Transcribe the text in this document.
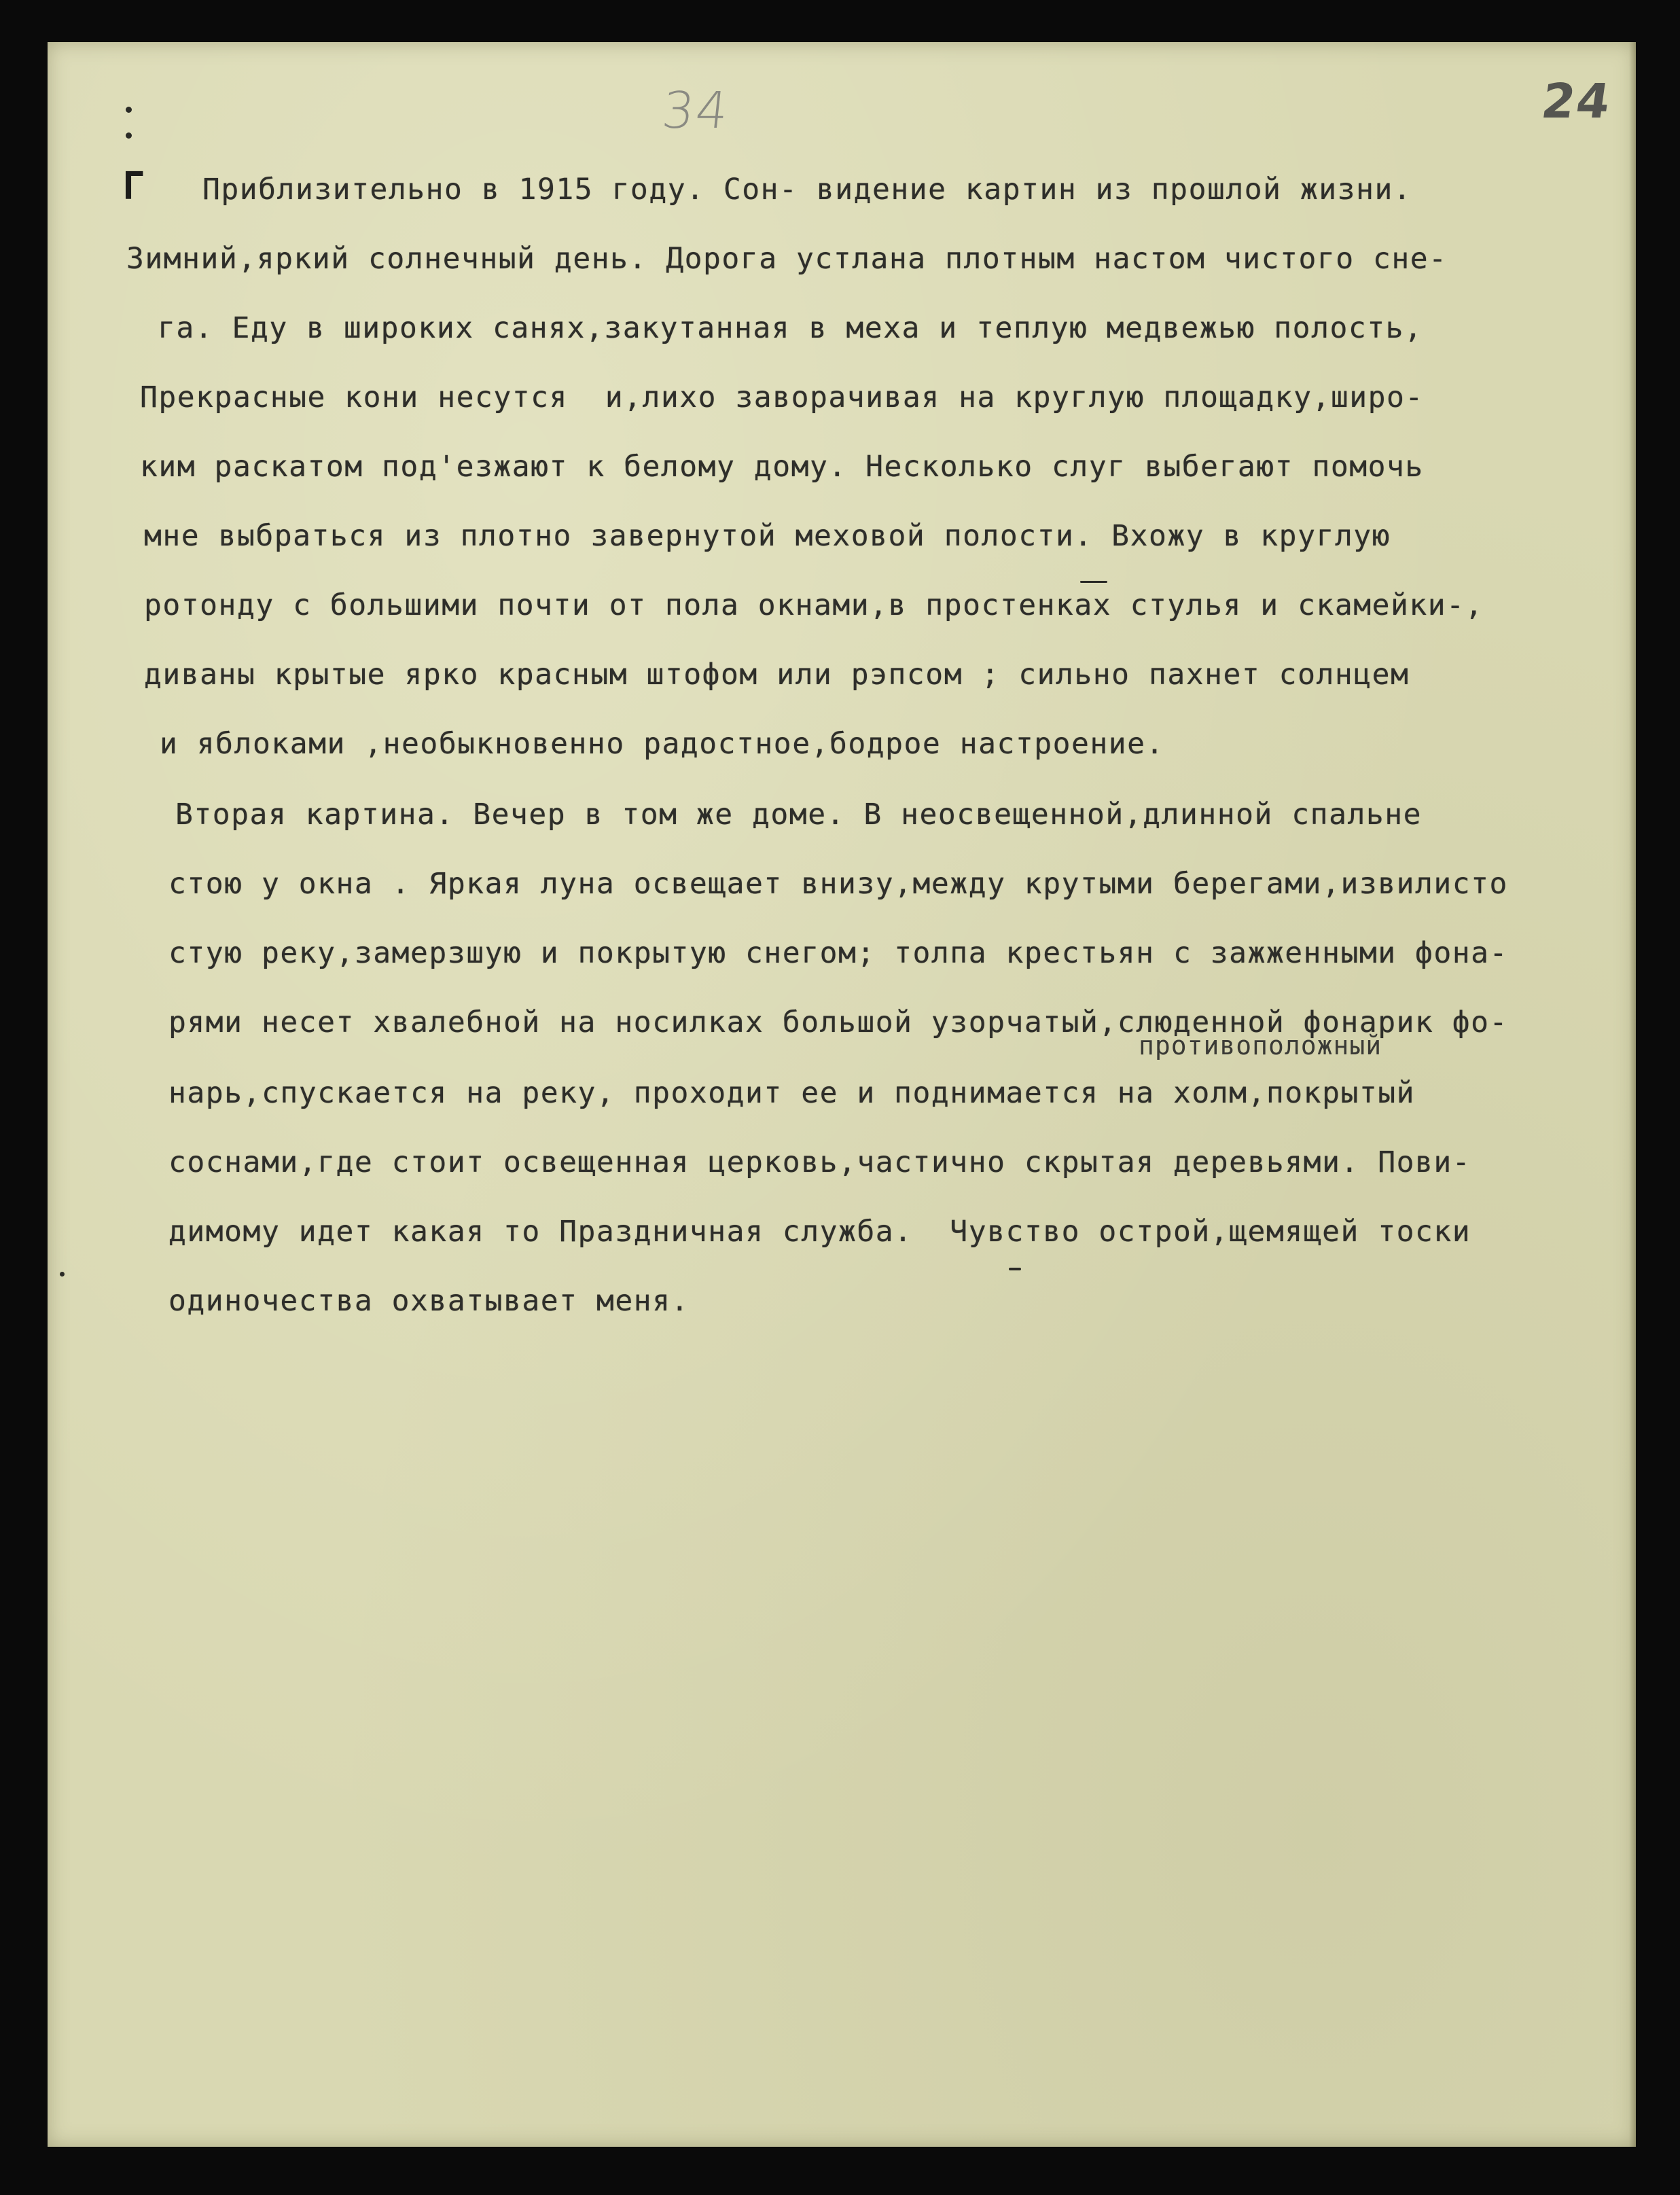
34	24
Г Приблизительно в 1915 году. Сон- видение картин из прошлой жизни.
Зимний,яркий солнечный день. Дорога устлана плотным настом чистого сне-
га. Еду в широких санях,закутанная в меха и теплую медвежью полость,
Прекрасные кони несутся  и,лихо заворачивая на круглую площадку,широ-
ким раскатом под'езжают к белому дому. Несколько слуг выбегают помочь
мне выбраться из плотно завернутой меховой полости. Вхожу в круглую
ротонду с большими почти от пола окнами,в простенках стулья и скамейки-,
диваны крытые ярко красным штофом или рэпсом ; сильно пахнет солнцем
и яблоками ,необыкновенно радостное,бодрое настроение.
Вторая картина. Вечер в том же доме. В неосвещенной,длинной спальне
стою у окна . Яркая луна освещает внизу,между крутыми берегами,извилисто
стую реку,замерзшую и покрытую снегом; толпа крестьян с зажженными фона-
рями несет хвалебной на носилках большой узорчатый,слюденной фонарик фо-
противоположный
нарь,спускается на реку, проходит ее и поднимается на холм,покрытый
соснами,где стоит освещенная церковь,частично скрытая деревьями. Пови-
димому идет какая то Праздничная служба.  Чувство острой,щемящей тоски
одиночества охватывает меня.
